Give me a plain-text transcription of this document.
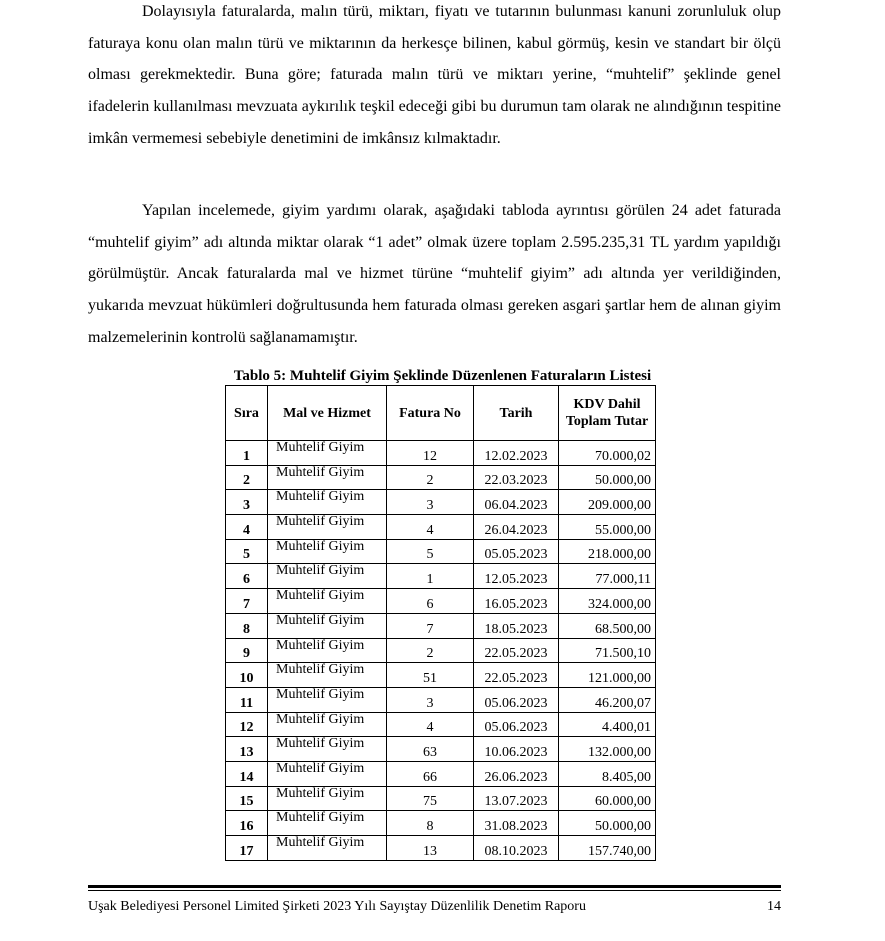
Dolayısıyla faturalarda, malın türü, miktarı, fiyatı ve tutarının bulunması kanuni zorunluluk olup faturaya konu olan malın türü ve miktarının da herkesçe bilinen, kabul görmüş, kesin ve standart bir ölçü olması gerekmektedir. Buna göre; faturada malın türü ve miktarı yerine, “muhtelif” şeklinde genel ifadelerin kullanılması mevzuata aykırılık teşkil edeceği gibi bu durumun tam olarak ne alındığının tespitine imkân vermemesi sebebiyle denetimini de imkânsız kılmaktadır.

Yapılan incelemede, giyim yardımı olarak, aşağıdaki tabloda ayrıntısı görülen 24 adet faturada “muhtelif giyim” adı altında miktar olarak “1 adet” olmak üzere toplam 2.595.235,31 TL yardım yapıldığı görülmüştür. Ancak faturalarda mal ve hizmet türüne “muhtelif giyim” adı altında yer verildiğinden, yukarıda mevzuat hükümleri doğrultusunda hem faturada olması gereken asgari şartlar hem de alınan giyim malzemelerinin kontrolü sağlanamamıştır.

Tablo 5: Muhtelif Giyim Şeklinde Düzenlenen Faturaların Listesi
Sıra	Mal ve Hizmet	Fatura No	Tarih	KDV Dahil Toplam Tutar
1	Muhtelif Giyim	12	12.02.2023	70.000,02
2	Muhtelif Giyim	2	22.03.2023	50.000,00
3	Muhtelif Giyim	3	06.04.2023	209.000,00
4	Muhtelif Giyim	4	26.04.2023	55.000,00
5	Muhtelif Giyim	5	05.05.2023	218.000,00
6	Muhtelif Giyim	1	12.05.2023	77.000,11
7	Muhtelif Giyim	6	16.05.2023	324.000,00
8	Muhtelif Giyim	7	18.05.2023	68.500,00
9	Muhtelif Giyim	2	22.05.2023	71.500,10
10	Muhtelif Giyim	51	22.05.2023	121.000,00
11	Muhtelif Giyim	3	05.06.2023	46.200,07
12	Muhtelif Giyim	4	05.06.2023	4.400,01
13	Muhtelif Giyim	63	10.06.2023	132.000,00
14	Muhtelif Giyim	66	26.06.2023	8.405,00
15	Muhtelif Giyim	75	13.07.2023	60.000,00
16	Muhtelif Giyim	8	31.08.2023	50.000,00
17	Muhtelif Giyim	13	08.10.2023	157.740,00
Uşak Belediyesi Personel Limited Şirketi 2023 Yılı Sayıştay Düzenlilik Denetim Raporu	14
